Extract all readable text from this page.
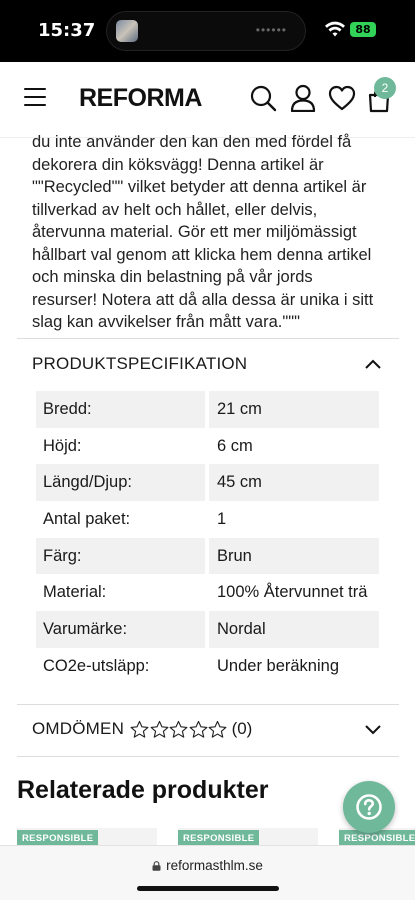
15:37	••••••	88
REFORMA	2
du inte använder den kan den med fördel få
dekorera din köksvägg! Denna artikel är
""Recycled"" vilket betyder att denna artikel är
tillverkad av helt och hållet, eller delvis,
återvunna material. Gör ett mer miljömässigt
hållbart val genom att klicka hem denna artikel
och minska din belastning på vår jords
resurser! Notera att då alla dessa är unika i sitt
slag kan avvikelser från mått vara."""
PRODUKTSPECIFIKATION
Bredd:	21 cm
Höjd:	6 cm
Längd/Djup:	45 cm
Antal paket:	1
Färg:	Brun
Material:	100% Återvunnet trä
Varumärke:	Nordal
CO2e-utsläpp:	Under beräkning
OMDÖMEN	(0)
Relaterade produkter
RESPONSIBLE	RESPONSIBLE	RESPONSIBLE
reformasthlm.se
